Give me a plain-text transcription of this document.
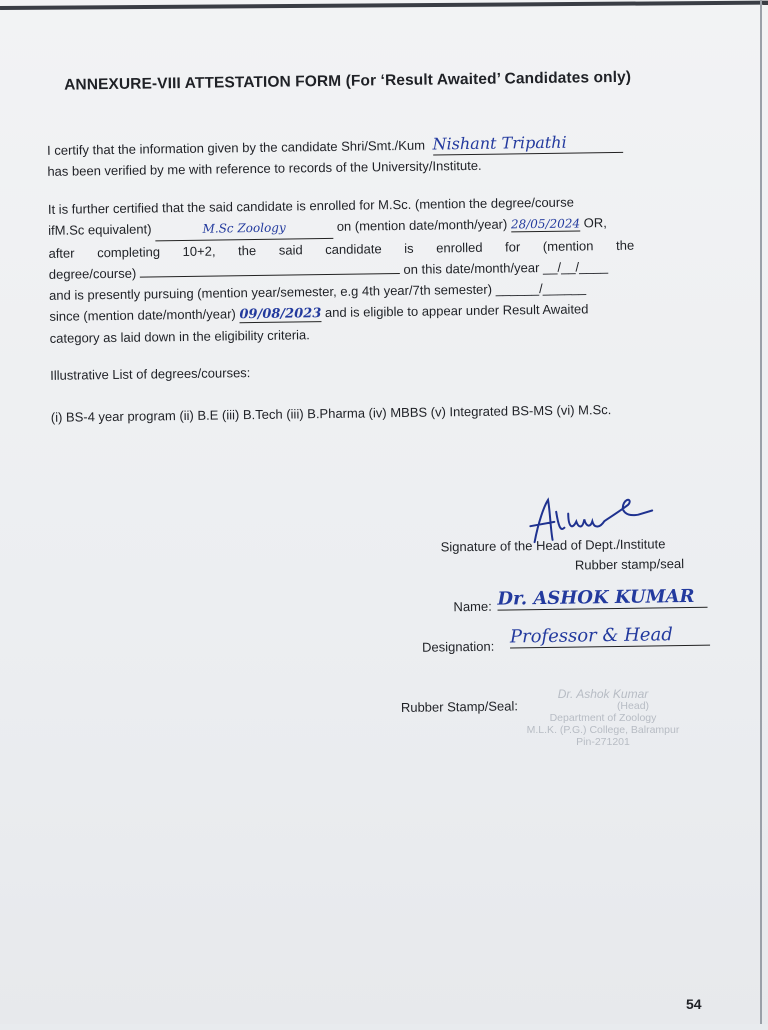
ANNEXURE-VIII ATTESTATION FORM (For ‘Result Awaited’ Candidates only)
I certify that the information given by the candidate Shri/Smt./Kum Nishant Tripathi
has been verified by me with reference to records of the University/Institute.
It is further certified that the said candidate is enrolled for M.Sc. (mention the degree/course
ifM.Sc equivalent)	M.Sc Zoology	on (mention date/month/year) 28/05/2024 OR,
after completing 10+2, the said candidate is enrolled for (mention the
degree/course)	on this date/month/year __/__/____
and is presently pursuing (mention year/semester, e.g 4th year/7th semester) ______/______
since (mention date/month/year) 09/08/2023 and is eligible to appear under Result Awaited
category as laid down in the eligibility criteria.
Illustrative List of degrees/courses:
(i) BS-4 year program (ii) B.E (iii) B.Tech (iii) B.Pharma (iv) MBBS (v) Integrated BS-MS (vi) M.Sc.
Signature of the Head of Dept./Institute
Rubber stamp/seal
Name: Dr. ASHOK KUMAR
Designation: Professor & Head
Rubber Stamp/Seal:
Dr. Ashok Kumar
(Head)
Department of Zoology
M.L.K. (P.G.) College, Balrampur
Pin-271201
54
